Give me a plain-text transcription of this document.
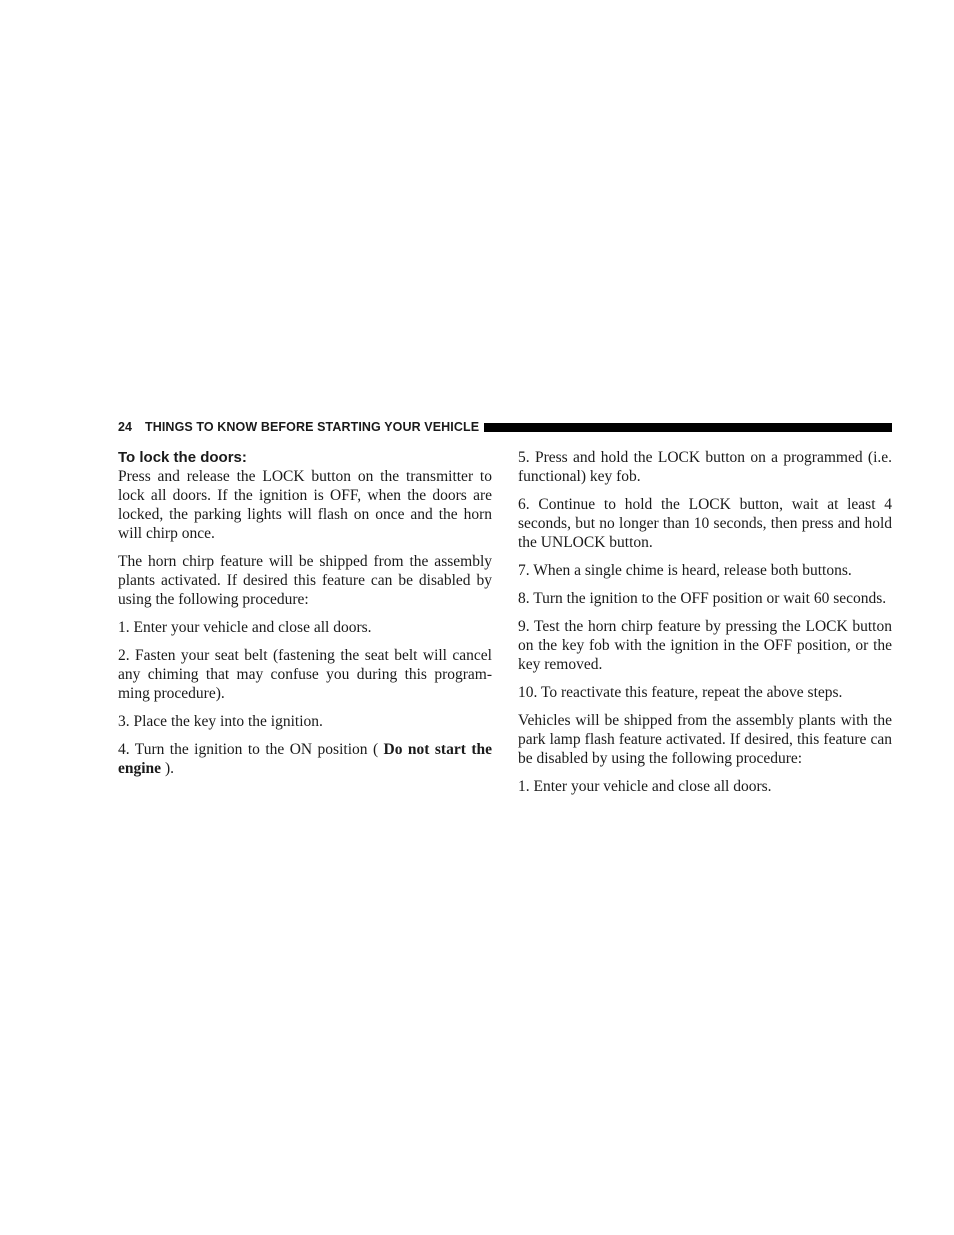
24 THINGS TO KNOW BEFORE STARTING YOUR VEHICLE
To lock the doors:

Press and release the LOCK button on the transmitter to lock all doors. If the ignition is OFF, when the doors are locked, the parking lights will flash on once and the horn will chirp once.

The horn chirp feature will be shipped from the assembly plants activated. If desired this feature can be disabled by using the following procedure:

1. Enter your vehicle and close all doors.

2. Fasten your seat belt (fastening the seat belt will cancel any chiming that may confuse you during this program-ming procedure).

3. Place the key into the ignition.

4. Turn the ignition to the ON position ( Do not start the engine ).

5. Press and hold the LOCK button on a programmed (i.e. functional) key fob.

6. Continue to hold the LOCK button, wait at least 4 seconds, but no longer than 10 seconds, then press and hold the UNLOCK button.

7. When a single chime is heard, release both buttons.

8. Turn the ignition to the OFF position or wait 60 seconds.

9. Test the horn chirp feature by pressing the LOCK button on the key fob with the ignition in the OFF position, or the key removed.

10. To reactivate this feature, repeat the above steps.

Vehicles will be shipped from the assembly plants with the park lamp flash feature activated. If desired, this feature can be disabled by using the following procedure:

1. Enter your vehicle and close all doors.
